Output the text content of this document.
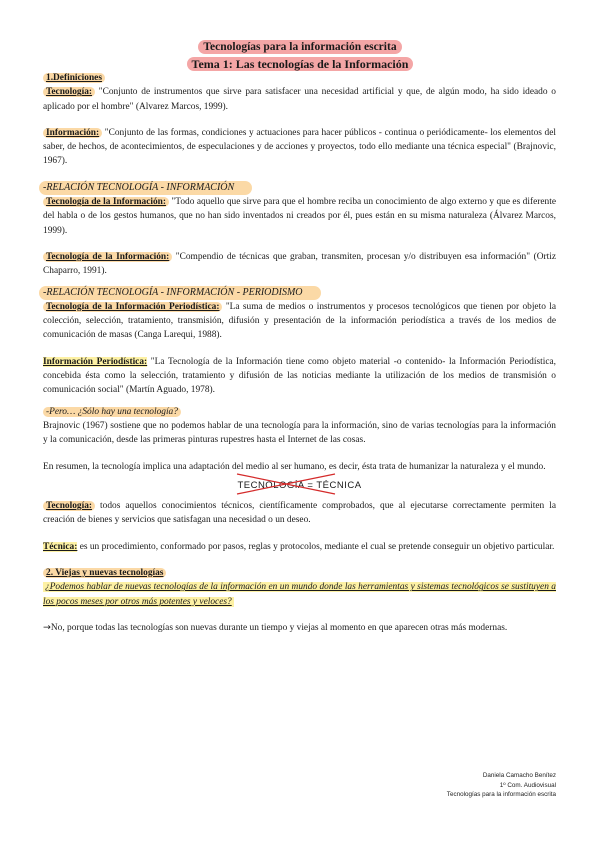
Tecnologías para la información escrita
Tema 1: Las tecnologías de la Información

1.Definiciones

Tecnología: "Conjunto de instrumentos que sirve para satisfacer una necesidad artificial y que, de algún modo, ha sido ideado o aplicado por el hombre" (Alvarez Marcos, 1999).

Información: "Conjunto de las formas, condiciones y actuaciones para hacer públicos - continua o periódicamente- los elementos del saber, de hechos, de acontecimientos, de especulaciones y de acciones y proyectos, todo ello mediante una técnica especial" (Brajnovic, 1967).

-RELACIÓN TECNOLOGÍA - INFORMACIÓN

Tecnología de la Información: "Todo aquello que sirve para que el hombre reciba un conocimiento de algo externo y que es diferente del habla o de los gestos humanos, que no han sido inventados ni creados por él, pues están en su misma naturaleza (Álvarez Marcos, 1999).

Tecnología de la Información: "Compendio de técnicas que graban, transmiten, procesan y/o distribuyen esa información" (Ortiz Chaparro, 1991).

-RELACIÓN TECNOLOGÍA - INFORMACIÓN - PERIODISMO

Tecnología de la Información Periodística: "La suma de medios o instrumentos y procesos tecnológicos que tienen por objeto la colección, selección, tratamiento, transmisión, difusión y presentación de la información periodística a través de los medios de comunicación de masas (Canga Larequi, 1988).

Información Periodística: "La Tecnología de la Información tiene como objeto material -o contenido- la Información Periodística, concebida ésta como la selección, tratamiento y difusión de las noticias mediante la utilización de los medios de transmisión o comunicación social" (Martín Aguado, 1978).

-Pero… ¿Sólo hay una tecnología?

Brajnovic (1967) sostiene que no podemos hablar de una tecnología para la información, sino de varias tecnologías para la información y la comunicación, desde las primeras pinturas rupestres hasta el Internet de las cosas.

En resumen, la tecnología implica una adaptación del medio al ser humano, es decir, ésta trata de humanizar la naturaleza y el mundo.

TECNOLOGÍA = TÉCNICA

Tecnología: todos aquellos conocimientos técnicos, científicamente comprobados, que al ejecutarse correctamente permiten la creación de bienes y servicios que satisfagan una necesidad o un deseo.

Técnica: es un procedimiento, conformado por pasos, reglas y protocolos, mediante el cual se pretende conseguir un objetivo particular.

2. Viejas y nuevas tecnologías

¿Podemos hablar de nuevas tecnologías de la información en un mundo donde las herramientas y sistemas tecnológicos se sustituyen a los pocos meses por otros más potentes y veloces?

→No, porque todas las tecnologías son nuevas durante un tiempo y viejas al momento en que aparecen otras más modernas.

Daniela Camacho Benítez
1º Com. Audiovisual
Tecnologías para la información escrita
